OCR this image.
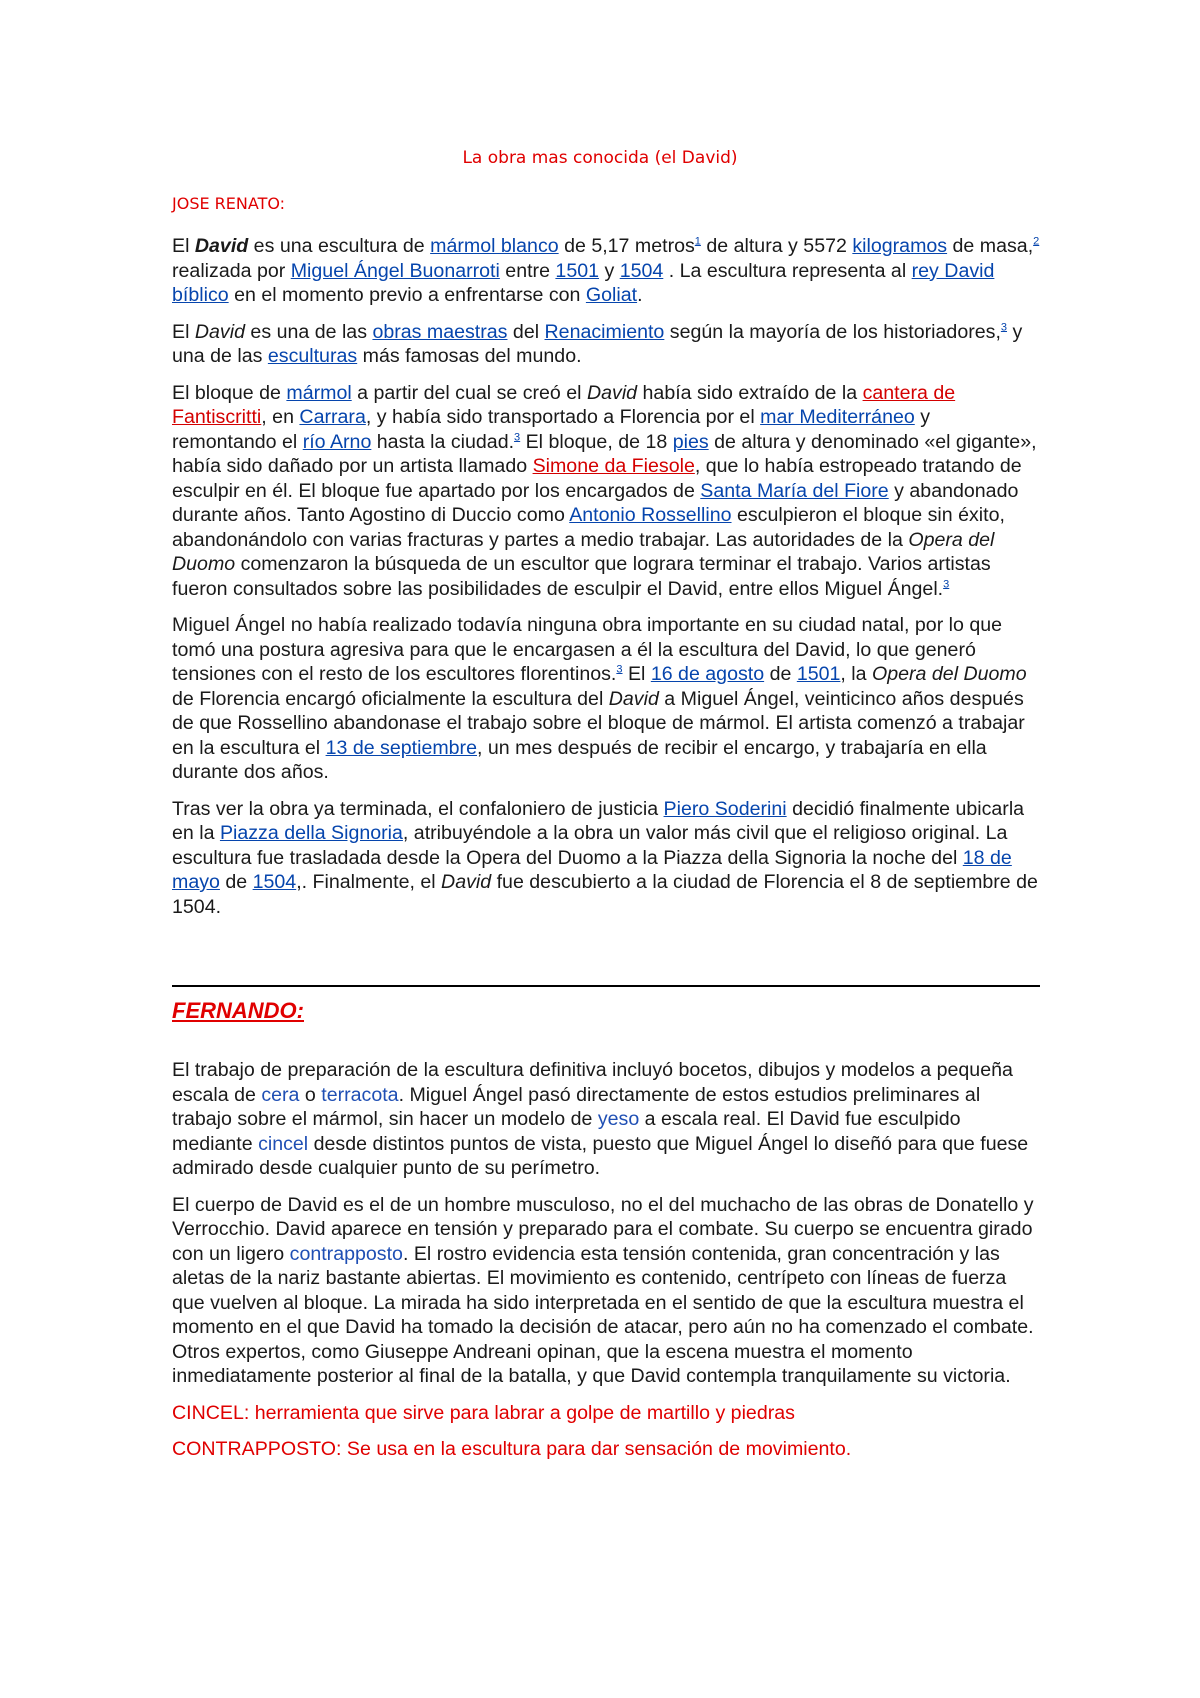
La obra mas conocida (el David)
JOSE RENATO:

El David es una escultura de mármol blanco de 5,17 metros$^1$ de altura y 5572 kilogramos de masa,$^2$ realizada por Miguel Ángel Buonarroti entre 1501 y 1504 . La escultura representa al rey David bíblico en el momento previo a enfrentarse con Goliat.

El David es una de las obras maestras del Renacimiento según la mayoría de los historiadores,$^3$ y una de las esculturas más famosas del mundo.

El bloque de mármol a partir del cual se creó el David había sido extraído de la cantera de Fantiscritti, en Carrara, y había sido transportado a Florencia por el mar Mediterráneo y remontando el río Arno hasta la ciudad.$^3$ El bloque, de 18 pies de altura y denominado «el gigante», había sido dañado por un artista llamado Simone da Fiesole, que lo había estropeado tratando de esculpir en él. El bloque fue apartado por los encargados de Santa María del Fiore y abandonado durante años. Tanto Agostino di Duccio como Antonio Rossellino esculpieron el bloque sin éxito, abandonándolo con varias fracturas y partes a medio trabajar. Las autoridades de la Opera del Duomo comenzaron la búsqueda de un escultor que lograra terminar el trabajo. Varios artistas fueron consultados sobre las posibilidades de esculpir el David, entre ellos Miguel Ángel.$^3$

Miguel Ángel no había realizado todavía ninguna obra importante en su ciudad natal, por lo que tomó una postura agresiva para que le encargasen a él la escultura del David, lo que generó tensiones con el resto de los escultores florentinos.$^3$ El 16 de agosto de 1501, la Opera del Duomo de Florencia encargó oficialmente la escultura del David a Miguel Ángel, veinticinco años después de que Rossellino abandonase el trabajo sobre el bloque de mármol. El artista comenzó a trabajar en la escultura el 13 de septiembre, un mes después de recibir el encargo, y trabajaría en ella durante dos años.

Tras ver la obra ya terminada, el confaloniero de justicia Piero Soderini decidió finalmente ubicarla en la Piazza della Signoria, atribuyéndole a la obra un valor más civil que el religioso original. La escultura fue trasladada desde la Opera del Duomo a la Piazza della Signoria la noche del 18 de mayo de 1504,. Finalmente, el David fue descubierto a la ciudad de Florencia el 8 de septiembre de 1504.

FERNANDO:

El trabajo de preparación de la escultura definitiva incluyó bocetos, dibujos y modelos a pequeña escala de cera o terracota. Miguel Ángel pasó directamente de estos estudios preliminares al trabajo sobre el mármol, sin hacer un modelo de yeso a escala real. El David fue esculpido mediante cincel desde distintos puntos de vista, puesto que Miguel Ángel lo diseñó para que fuese admirado desde cualquier punto de su perímetro.

El cuerpo de David es el de un hombre musculoso, no el del muchacho de las obras de Donatello y Verrocchio. David aparece en tensión y preparado para el combate. Su cuerpo se encuentra girado con un ligero contrapposto. El rostro evidencia esta tensión contenida, gran concentración y las aletas de la nariz bastante abiertas. El movimiento es contenido, centrípeto con líneas de fuerza que vuelven al bloque. La mirada ha sido interpretada en el sentido de que la escultura muestra el momento en el que David ha tomado la decisión de atacar, pero aún no ha comenzado el combate. Otros expertos, como Giuseppe Andreani opinan, que la escena muestra el momento inmediatamente posterior al final de la batalla, y que David contempla tranquilamente su victoria.

CINCEL: herramienta que sirve para labrar a golpe de martillo y piedras

CONTRAPPOSTO: Se usa en la escultura para dar sensación de movimiento.
